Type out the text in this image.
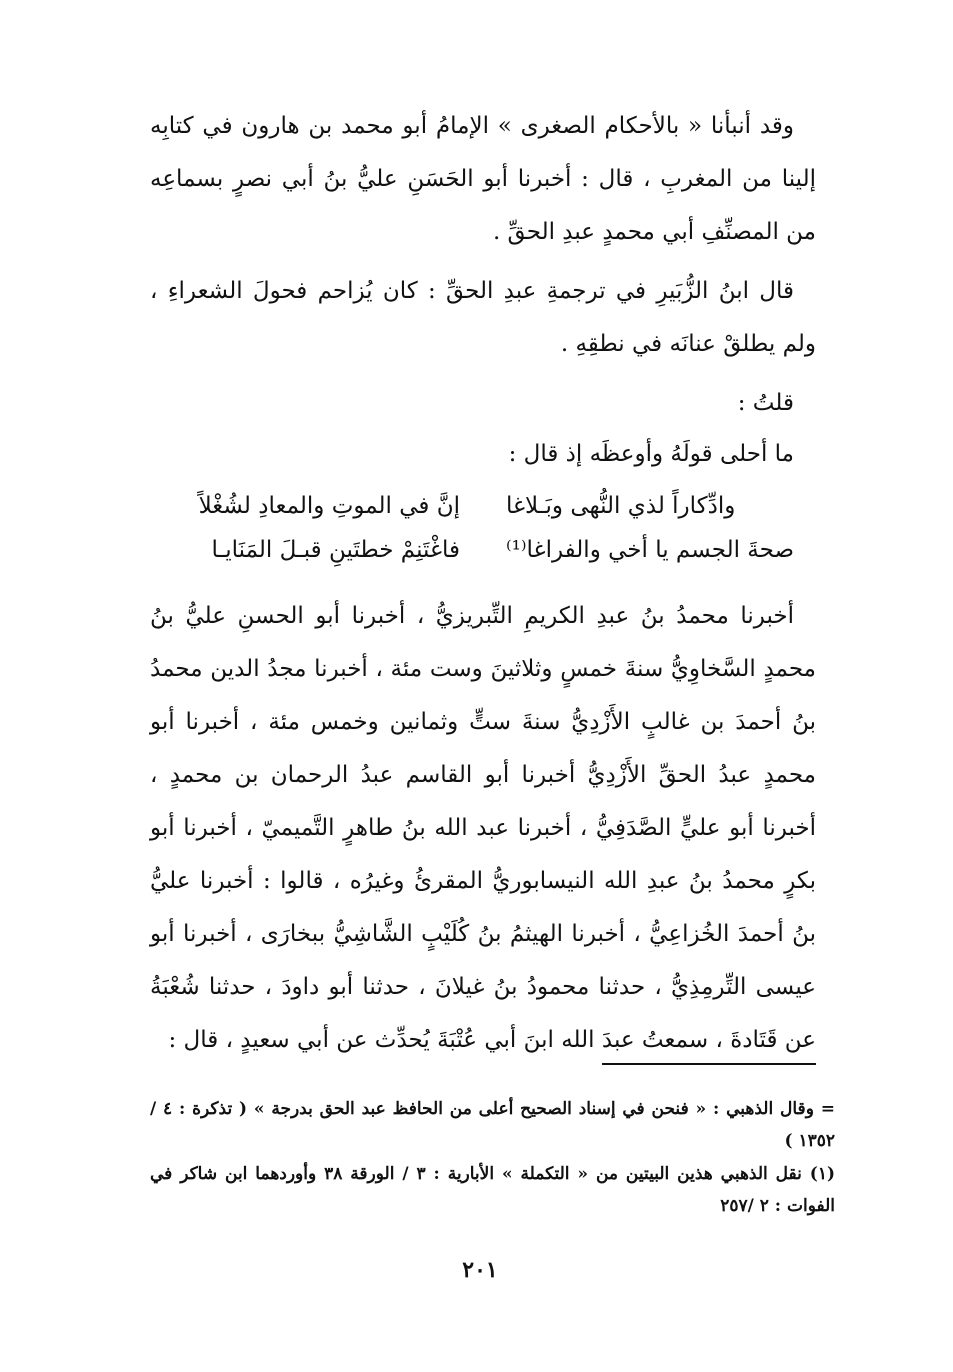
وقد أنبأنا « بالأحكام الصغرى » الإمامُ أبو محمد بن هارون في كتابِه إلينا من المغربِ ، قال : أخبرنا أبو الحَسَنِ عليُّ بنُ أبي نصرٍ بسماعِه من المصنِّفِ أبي محمدٍ عبدِ الحقِّ .

قال ابنُ الزُّبَيرِ في ترجمةِ عبدِ الحقِّ : كان يُزاحم فحولَ الشعراءِ ، ولم يطلقْ عنانَه في نطقِهِ .

قلتُ :

ما أحلى قولَهُ وأوعظَه إذ قال :

إنَّ في الموتِ والمعادِ لشُغْلاً	وادِّكاراً لذي النُّهى وبَـلاغا
فاغْتَنِمْ خطتَينِ قبـلَ المَنَايـا	صحةَ الجسم يا أخي والفراغا⁽¹⁾

أخبرنا محمدُ بنُ عبدِ الكريمِ التِّبريزيُّ ، أخبرنا أبو الحسنِ عليُّ بنُ محمدٍ السَّخاوِيُّ سنةَ خمسٍ وثلاثينَ وست مئة ، أخبرنا مجدُ الدين محمدُ بنُ أحمدَ بن غالبٍ الأَزْدِيُّ سنةَ ستٍّ وثمانين وخمس مئة ، أخبرنا أبو محمدٍ عبدُ الحقِّ الأَزْدِيُّ أخبرنا أبو القاسم عبدُ الرحمان بن محمدٍ ، أخبرنا أبو عليٍّ الصَّدَفِيُّ ، أخبرنا عبد الله بنُ طاهرٍ التَّميميّ ، أخبرنا أبو بكرٍ محمدُ بنُ عبدِ الله النيسابوريُّ المقرئُ وغيرُه ، قالوا : أخبرنا عليُّ بنُ أحمدَ الخُزاعِيُّ ، أخبرنا الهيثمُ بنُ كُلَيْبٍ الشَّاشِيُّ ببخارَى ، أخبرنا أبو عيسى التِّرمِذِيُّ ، حدثنا محمودُ بنُ غيلانَ ، حدثنا أبو داودَ ، حدثنا شُعْبَةُ عن قَتَادةَ ، سمعتُ عبدَ الله ابنَ أبي عُتْبَةَ يُحدِّث عن أبي سعيدٍ ، قال :

= وقال الذهبي : « فنحن في إسناد الصحيح أعلى من الحافظ عبد الحق بدرجة » ( تذكرة : ٤ /١٣٥٢ )

(١) نقل الذهبي هذين البيتين من « التكملة » الأبارية : ٣ / الورقة ٣٨ وأوردهما ابن شاكر في الفوات : ٢ /٢٥٧

٢٠١
